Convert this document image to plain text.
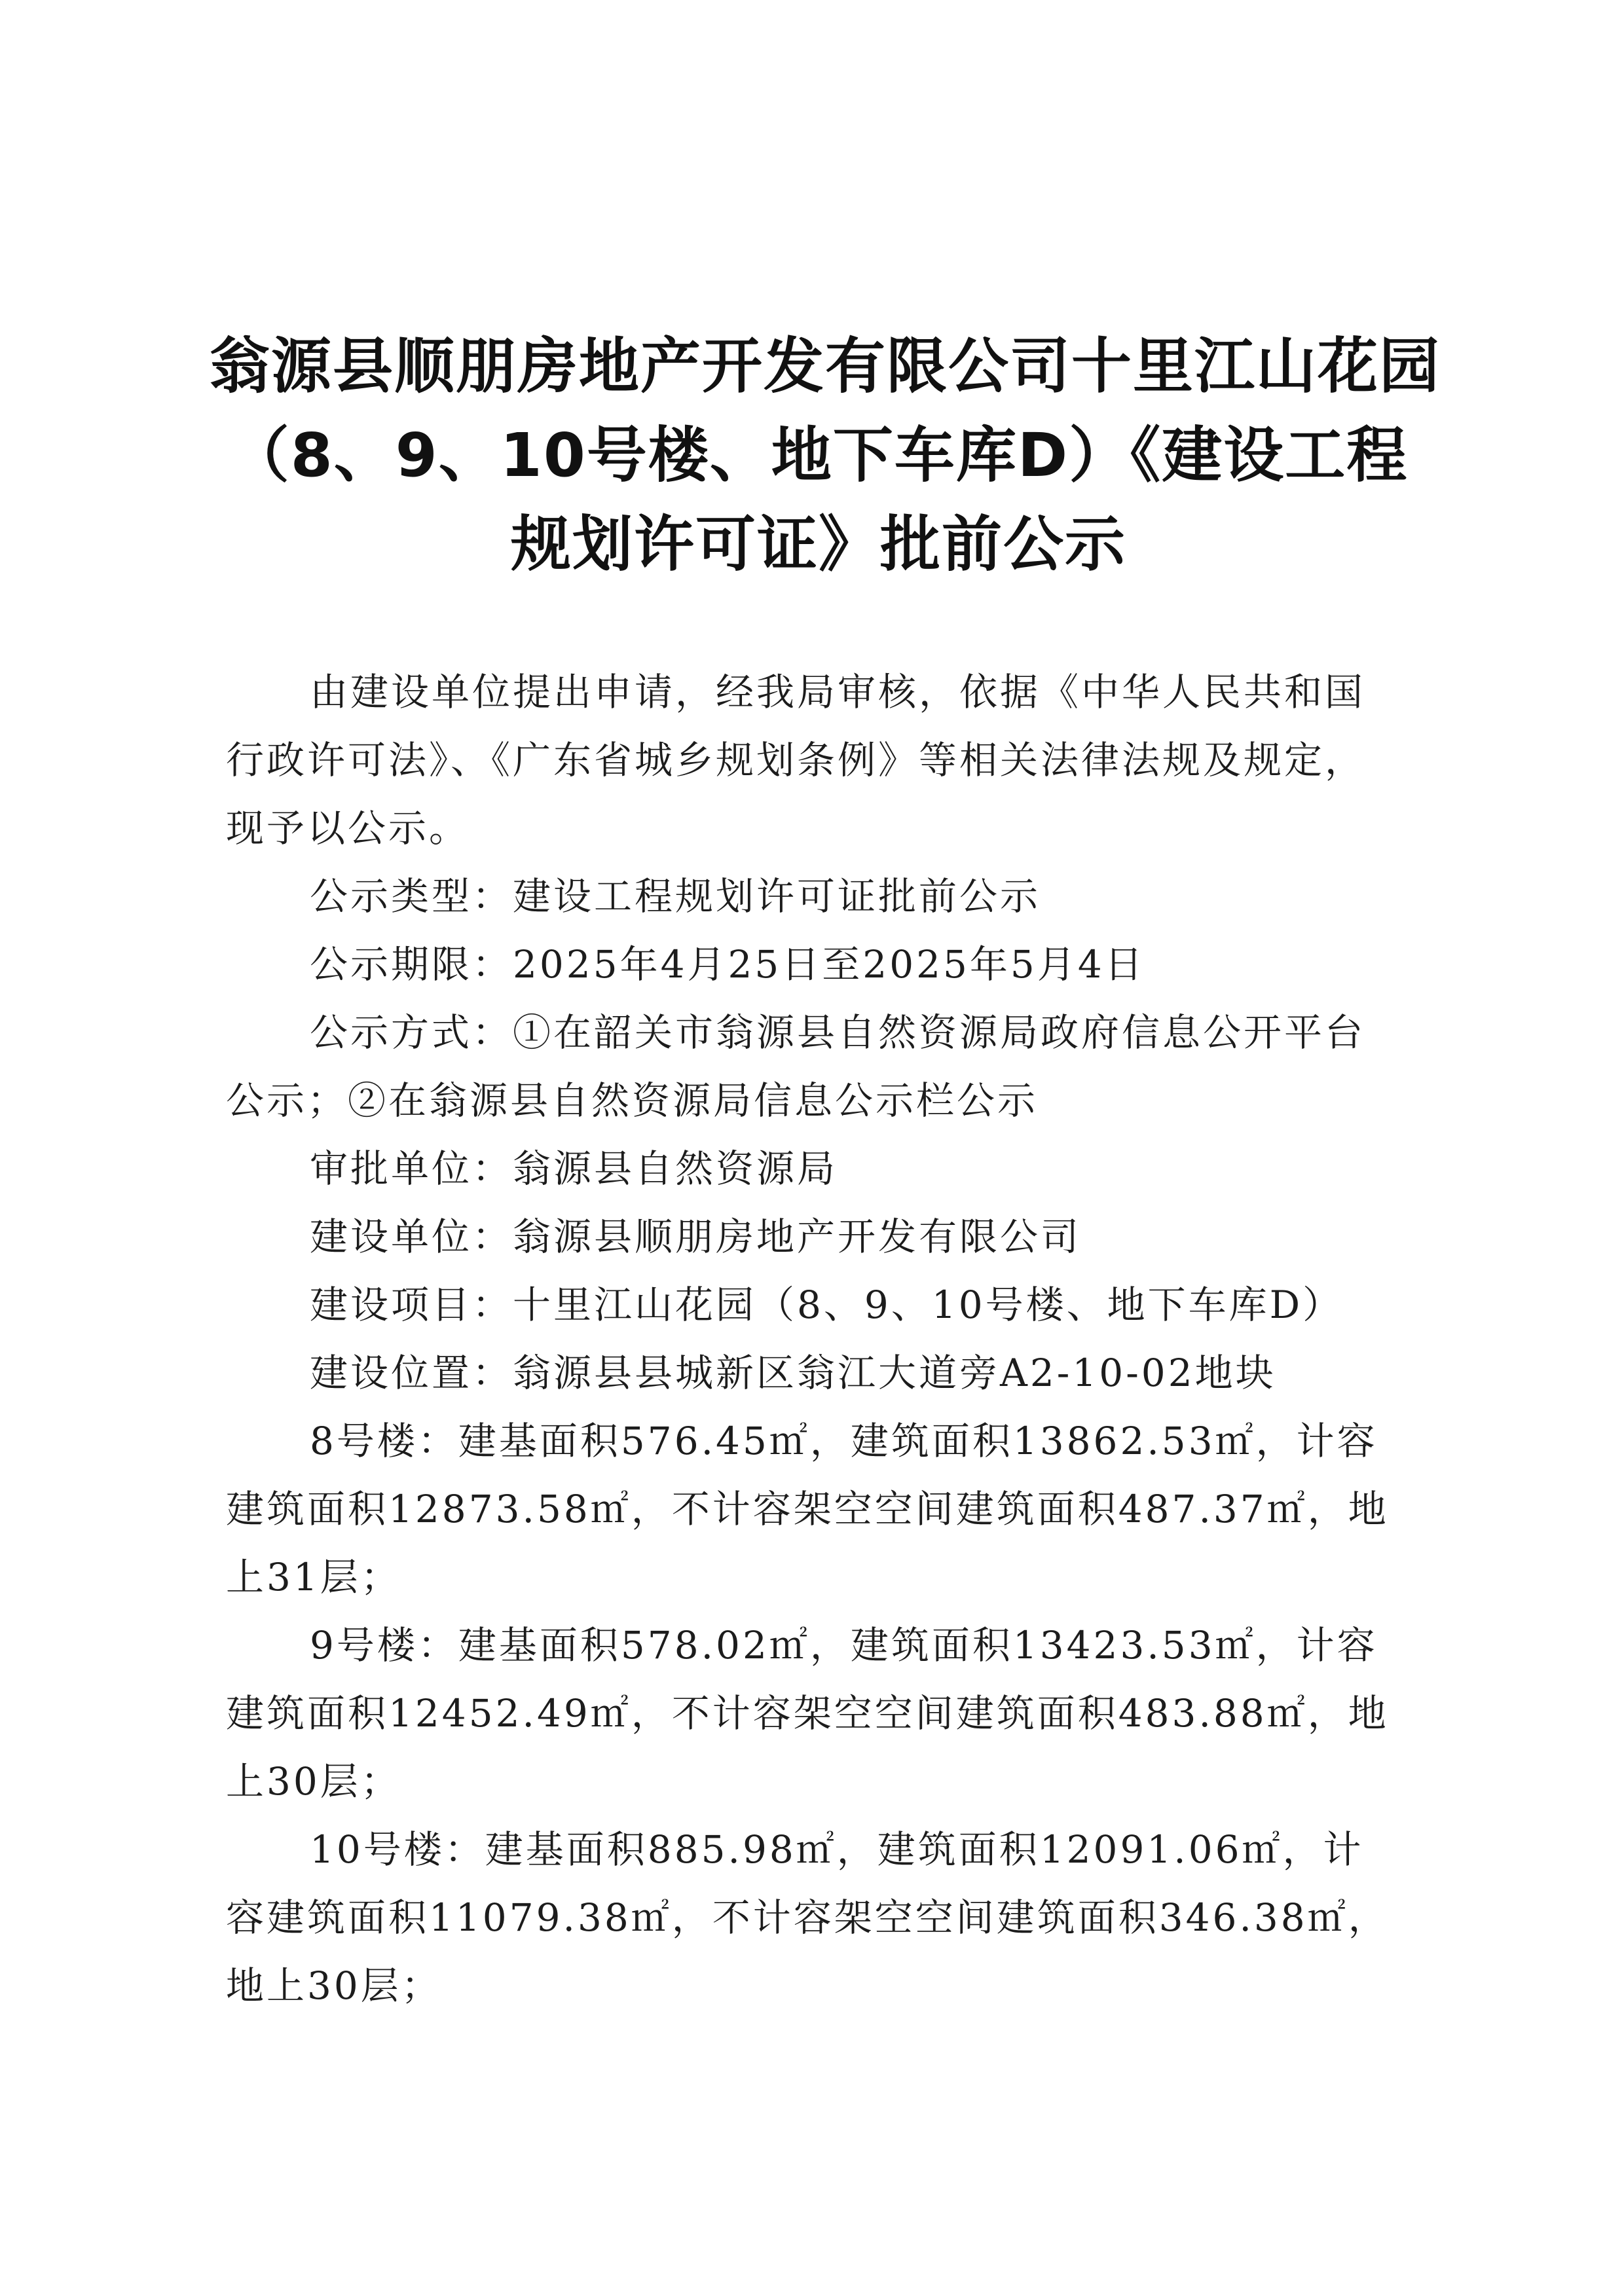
翁源县顺朋房地产开发有限公司十里江山花园
（8、9、10号楼、地下车库D）《建设工程
规划许可证》批前公示
由建设单位提出申请，经我局审核，依据《中华人民共和国
行政许可法》、《广东省城乡规划条例》等相关法律法规及规定，
现予以公示。
公示类型：建设工程规划许可证批前公示
公示期限：2025年4月25日至2025年5月4日
公示方式：①在韶关市翁源县自然资源局政府信息公开平台
公示；②在翁源县自然资源局信息公示栏公示
审批单位：翁源县自然资源局
建设单位：翁源县顺朋房地产开发有限公司
建设项目：十里江山花园（8、9、10号楼、地下车库D）
建设位置：翁源县县城新区翁江大道旁A2-10-02地块
8号楼：建基面积576.45㎡，建筑面积13862.53㎡，计容
建筑面积12873.58㎡，不计容架空空间建筑面积487.37㎡，地
上31层；
9号楼：建基面积578.02㎡，建筑面积13423.53㎡，计容
建筑面积12452.49㎡，不计容架空空间建筑面积483.88㎡，地
上30层；
10号楼：建基面积885.98㎡，建筑面积12091.06㎡，计
容建筑面积11079.38㎡，不计容架空空间建筑面积346.38㎡，
地上30层；
